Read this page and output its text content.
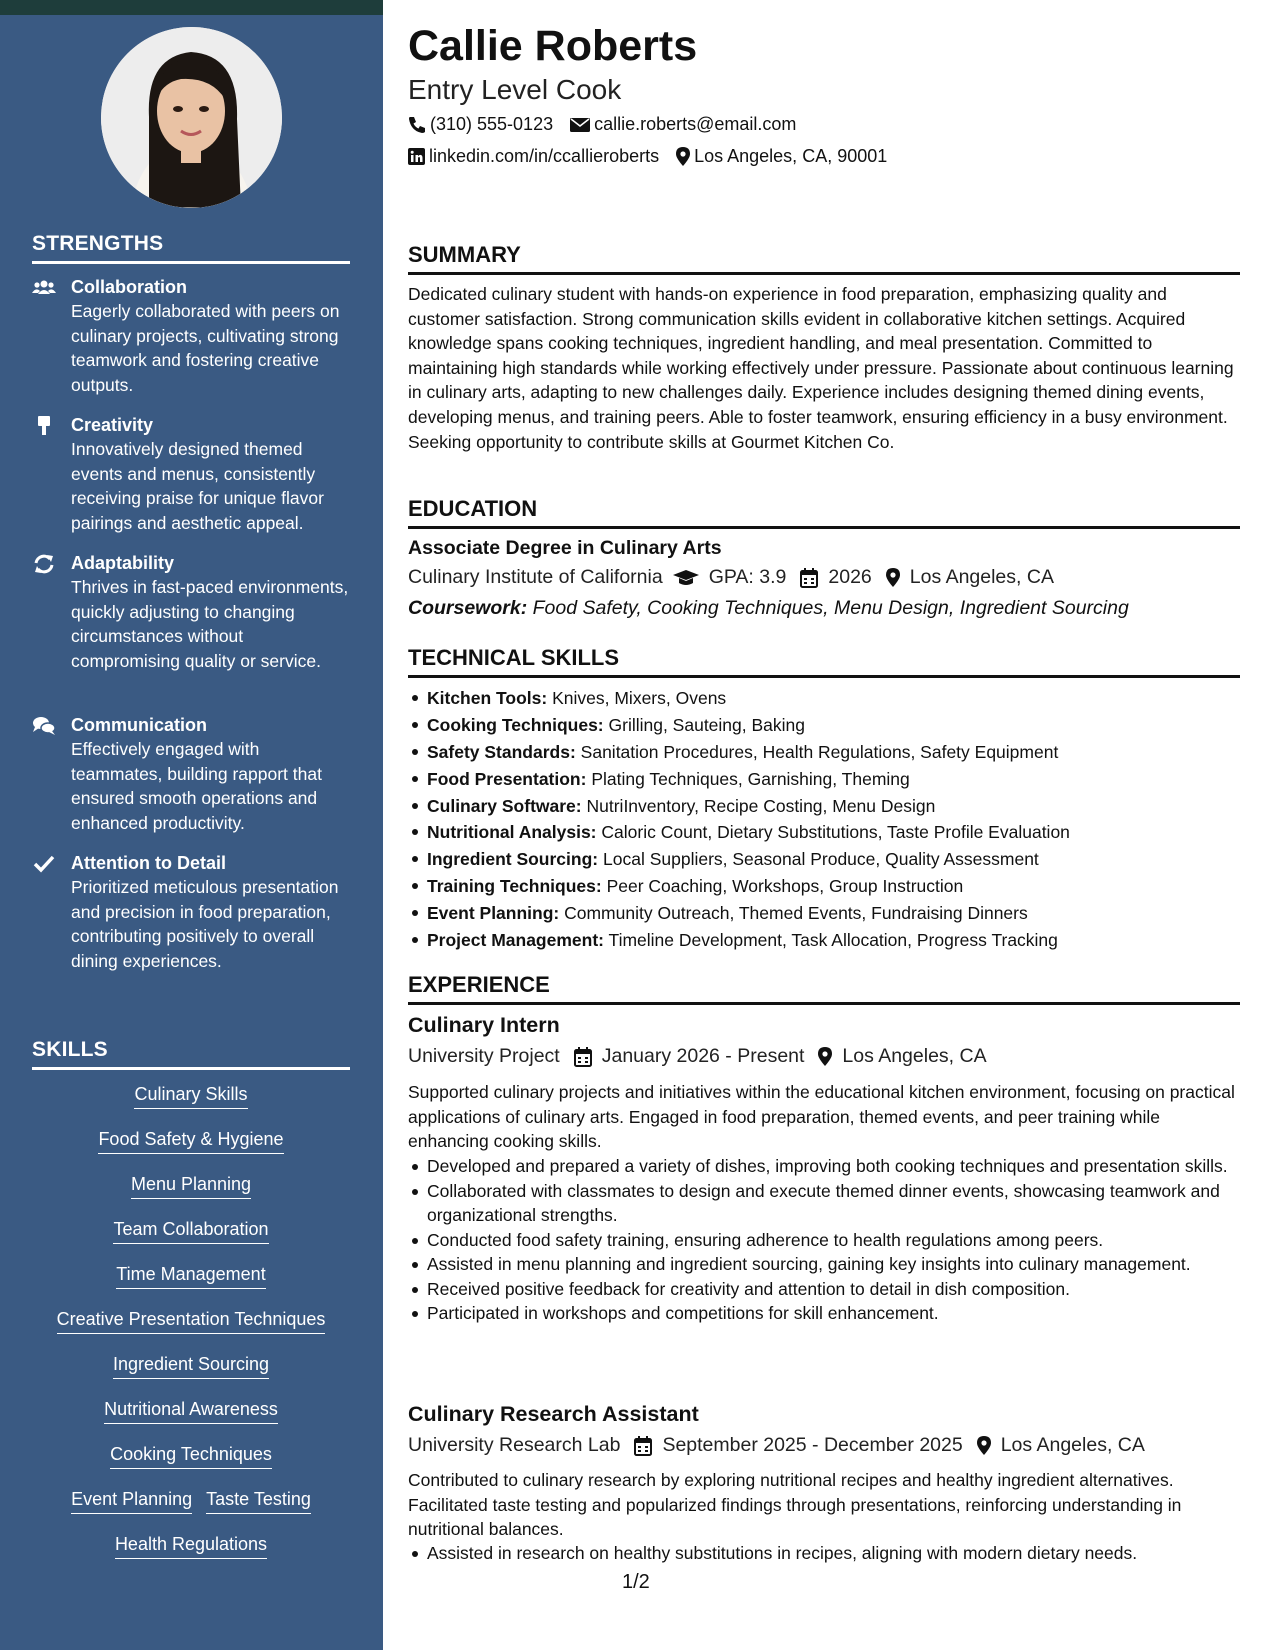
STRENGTHS
Collaboration
Eagerly collaborated with peers on culinary projects, cultivating strong teamwork and fostering creative outputs.
Creativity
Innovatively designed themed events and menus, consistently receiving praise for unique flavor pairings and aesthetic appeal.
Adaptability
Thrives in fast-paced environments, quickly adjusting to changing circumstances without compromising quality or service.
Communication
Effectively engaged with teammates, building rapport that ensured smooth operations and enhanced productivity.
Attention to Detail
Prioritized meticulous presentation and precision in food preparation, contributing positively to overall dining experiences.
SKILLS
Culinary Skills
Food Safety & Hygiene
Menu Planning
Team Collaboration
Time Management
Creative Presentation Techniques
Ingredient Sourcing
Nutritional Awareness
Cooking Techniques
Event Planning Taste Testing
Health Regulations
Callie Roberts
Entry Level Cook
(310) 555-0123 callie.roberts@email.com
linkedin.com/in/ccallieroberts Los Angeles, CA, 90001
SUMMARY
Dedicated culinary student with hands-on experience in food preparation, emphasizing quality and customer satisfaction. Strong communication skills evident in collaborative kitchen settings. Acquired knowledge spans cooking techniques, ingredient handling, and meal presentation. Committed to maintaining high standards while working effectively under pressure. Passionate about continuous learning in culinary arts, adapting to new challenges daily. Experience includes designing themed dining events, developing menus, and training peers. Able to foster teamwork, ensuring efficiency in a busy environment. Seeking opportunity to contribute skills at Gourmet Kitchen Co.
EDUCATION
Associate Degree in Culinary Arts
Culinary Institute of California GPA: 3.9 2026 Los Angeles, CA
Coursework: Food Safety, Cooking Techniques, Menu Design, Ingredient Sourcing
TECHNICAL SKILLS
Kitchen Tools: Knives, Mixers, Ovens
Cooking Techniques: Grilling, Sauteing, Baking
Safety Standards: Sanitation Procedures, Health Regulations, Safety Equipment
Food Presentation: Plating Techniques, Garnishing, Theming
Culinary Software: NutriInventory, Recipe Costing, Menu Design
Nutritional Analysis: Caloric Count, Dietary Substitutions, Taste Profile Evaluation
Ingredient Sourcing: Local Suppliers, Seasonal Produce, Quality Assessment
Training Techniques: Peer Coaching, Workshops, Group Instruction
Event Planning: Community Outreach, Themed Events, Fundraising Dinners
Project Management: Timeline Development, Task Allocation, Progress Tracking
EXPERIENCE
Culinary Intern
University Project January 2026 - Present Los Angeles, CA
Supported culinary projects and initiatives within the educational kitchen environment, focusing on practical applications of culinary arts. Engaged in food preparation, themed events, and peer training while enhancing cooking skills.
Developed and prepared a variety of dishes, improving both cooking techniques and presentation skills.
Collaborated with classmates to design and execute themed dinner events, showcasing teamwork and organizational strengths.
Conducted food safety training, ensuring adherence to health regulations among peers.
Assisted in menu planning and ingredient sourcing, gaining key insights into culinary management.
Received positive feedback for creativity and attention to detail in dish composition.
Participated in workshops and competitions for skill enhancement.
Culinary Research Assistant
University Research Lab September 2025 - December 2025 Los Angeles, CA
Contributed to culinary research by exploring nutritional recipes and healthy ingredient alternatives. Facilitated taste testing and popularized findings through presentations, reinforcing understanding in nutritional balances.
Assisted in research on healthy substitutions in recipes, aligning with modern dietary needs.
1/2
